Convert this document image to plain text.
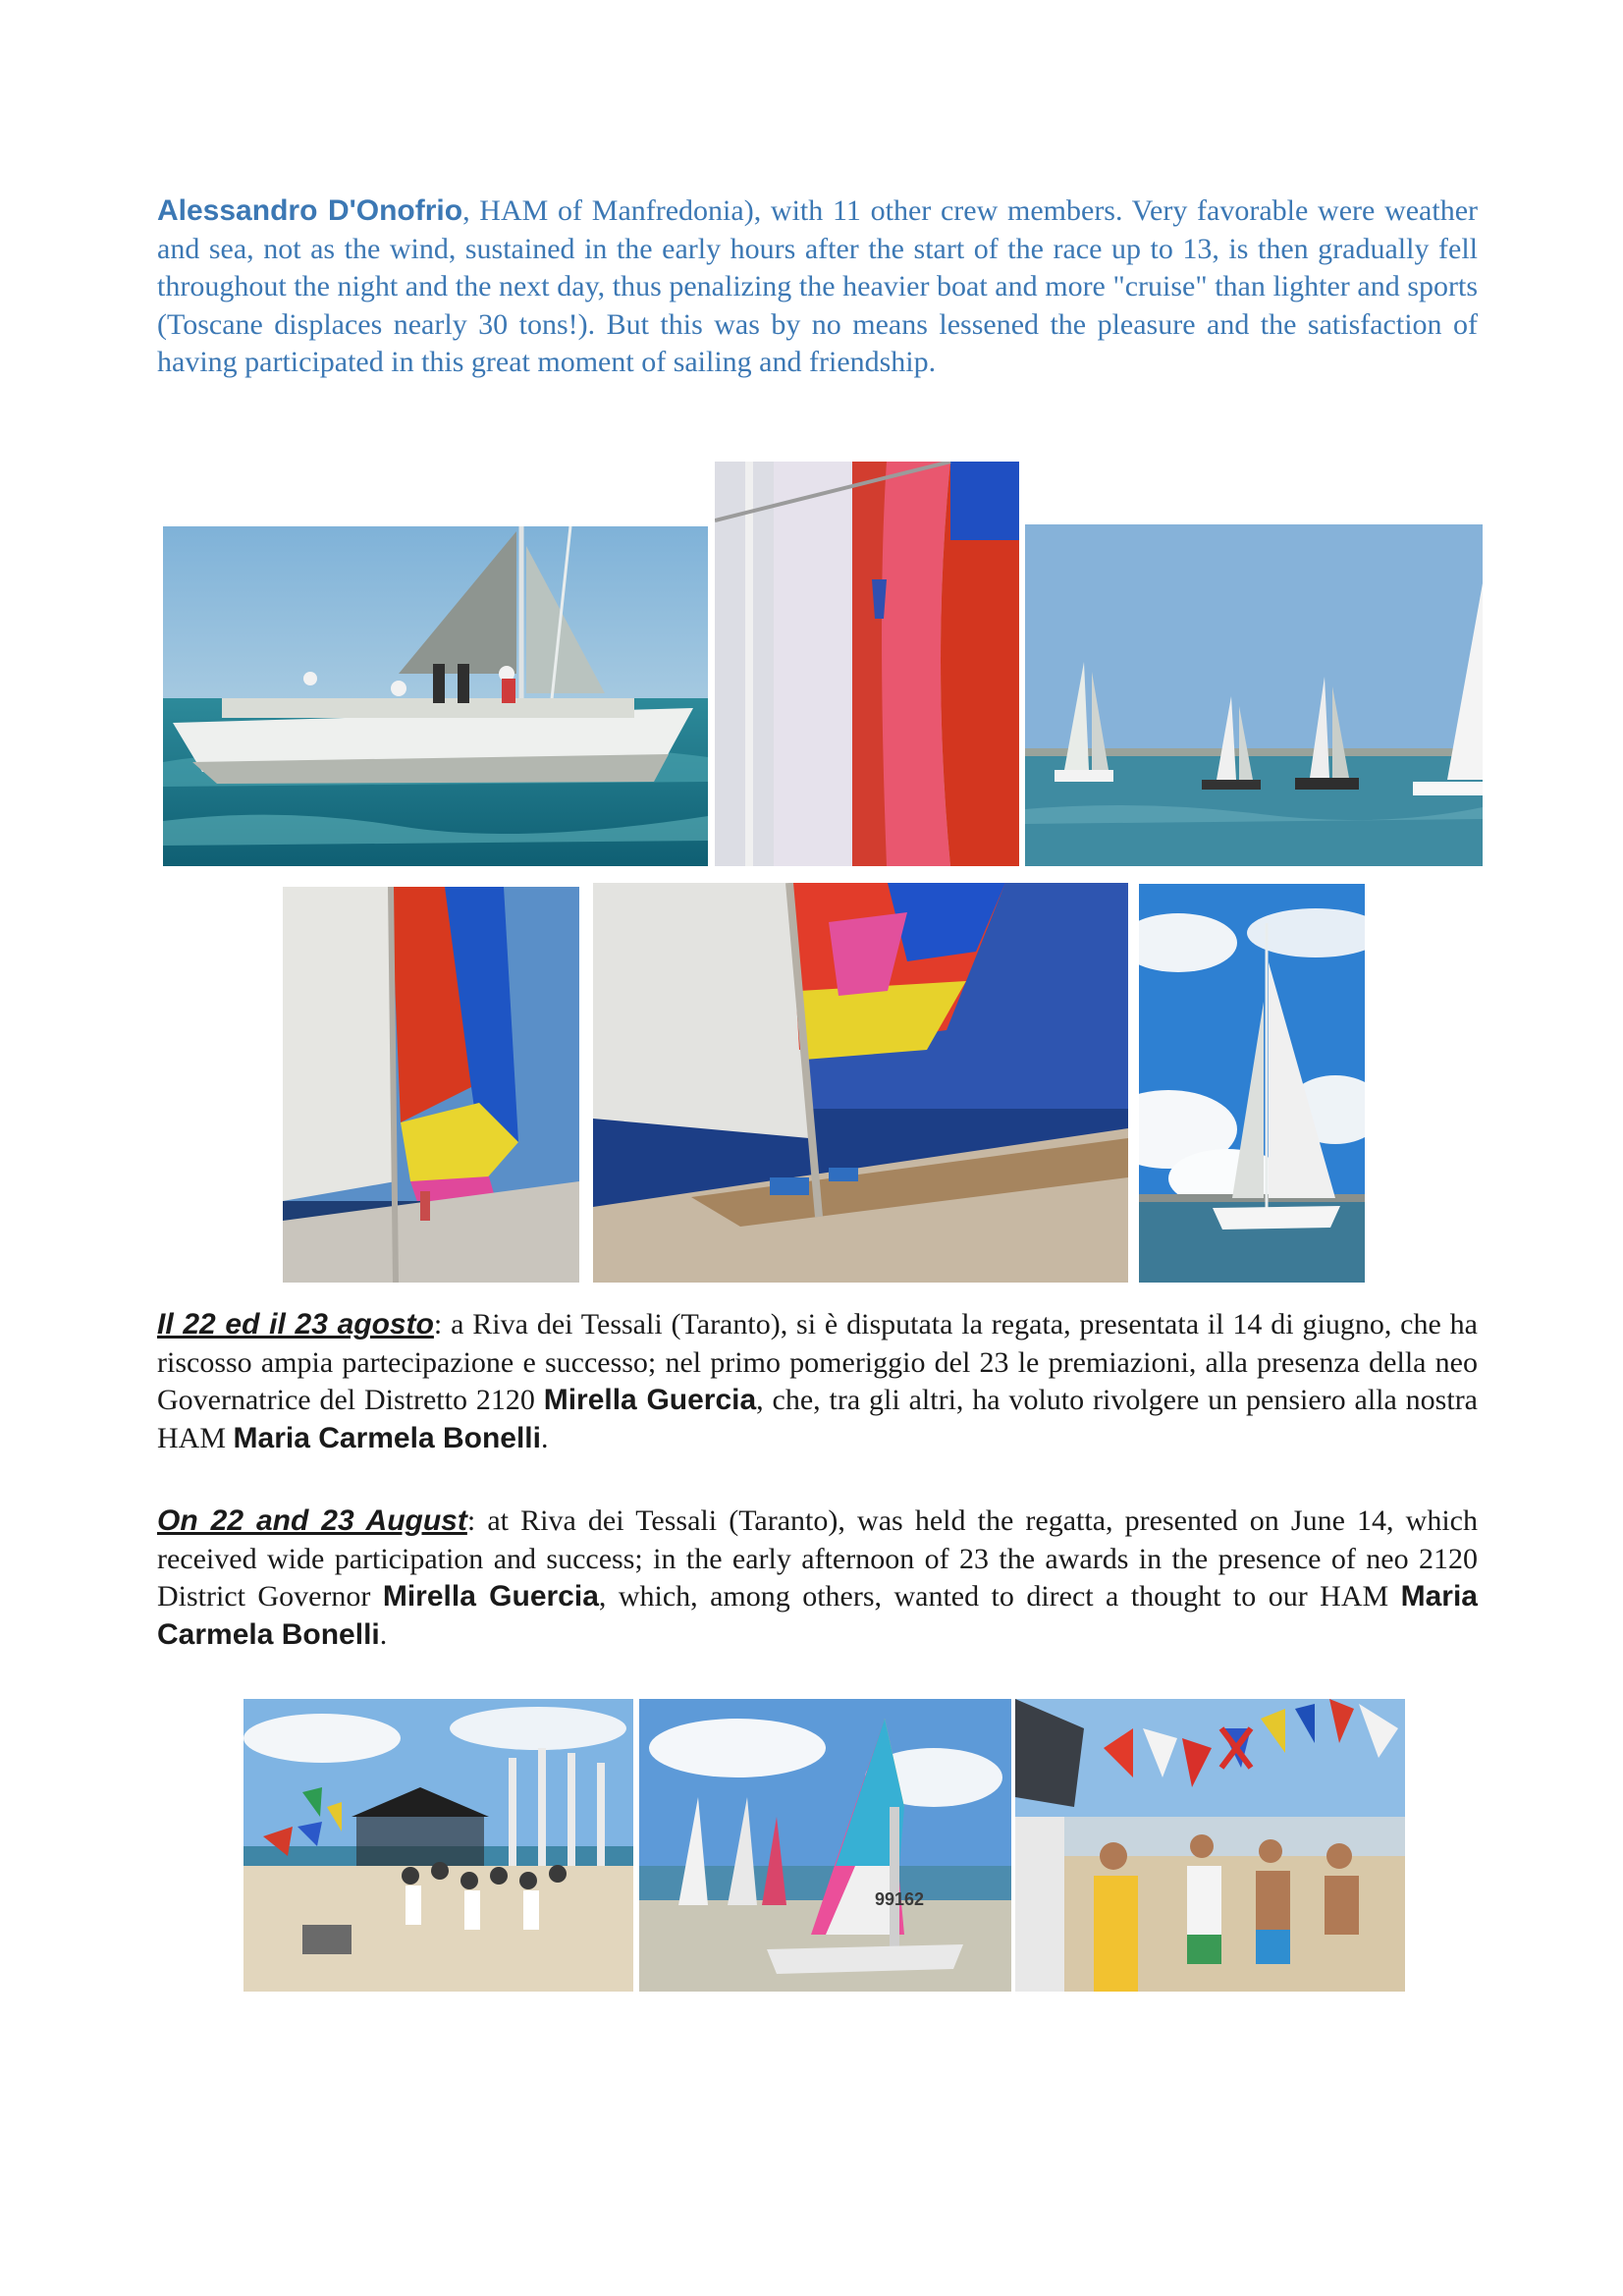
Alessandro D'Onofrio, HAM of Manfredonia), with 11 other crew members. Very favorable were weather and sea, not as the wind, sustained in the early hours after the start of the race up to 13, is then gradually fell throughout the night and the next day, thus penalizing the heavier boat and more "cruise" than lighter and sports (Toscane displaces nearly 30 tons!). But this was by no means lessened the pleasure and the satisfaction of having participated in this great moment of sailing and friendship.

Il 22 ed il 23 agosto: a Riva dei Tessali (Taranto), si è disputata la regata, presentata il 14 di giugno, che ha riscosso ampia partecipazione e successo; nel primo pomeriggio del 23 le premiazioni, alla presenza della neo Governatrice del Distretto 2120 Mirella Guercia, che, tra gli altri, ha voluto rivolgere un pensiero alla nostra HAM Maria Carmela Bonelli.

On 22 and 23 August: at Riva dei Tessali (Taranto), was held the regatta, presented on June 14, which received wide participation and success; in the early afternoon of 23 the awards in the presence of neo 2120 District Governor Mirella Guercia, which, among others, wanted to direct a thought to our HAM Maria Carmela Bonelli.

99162
